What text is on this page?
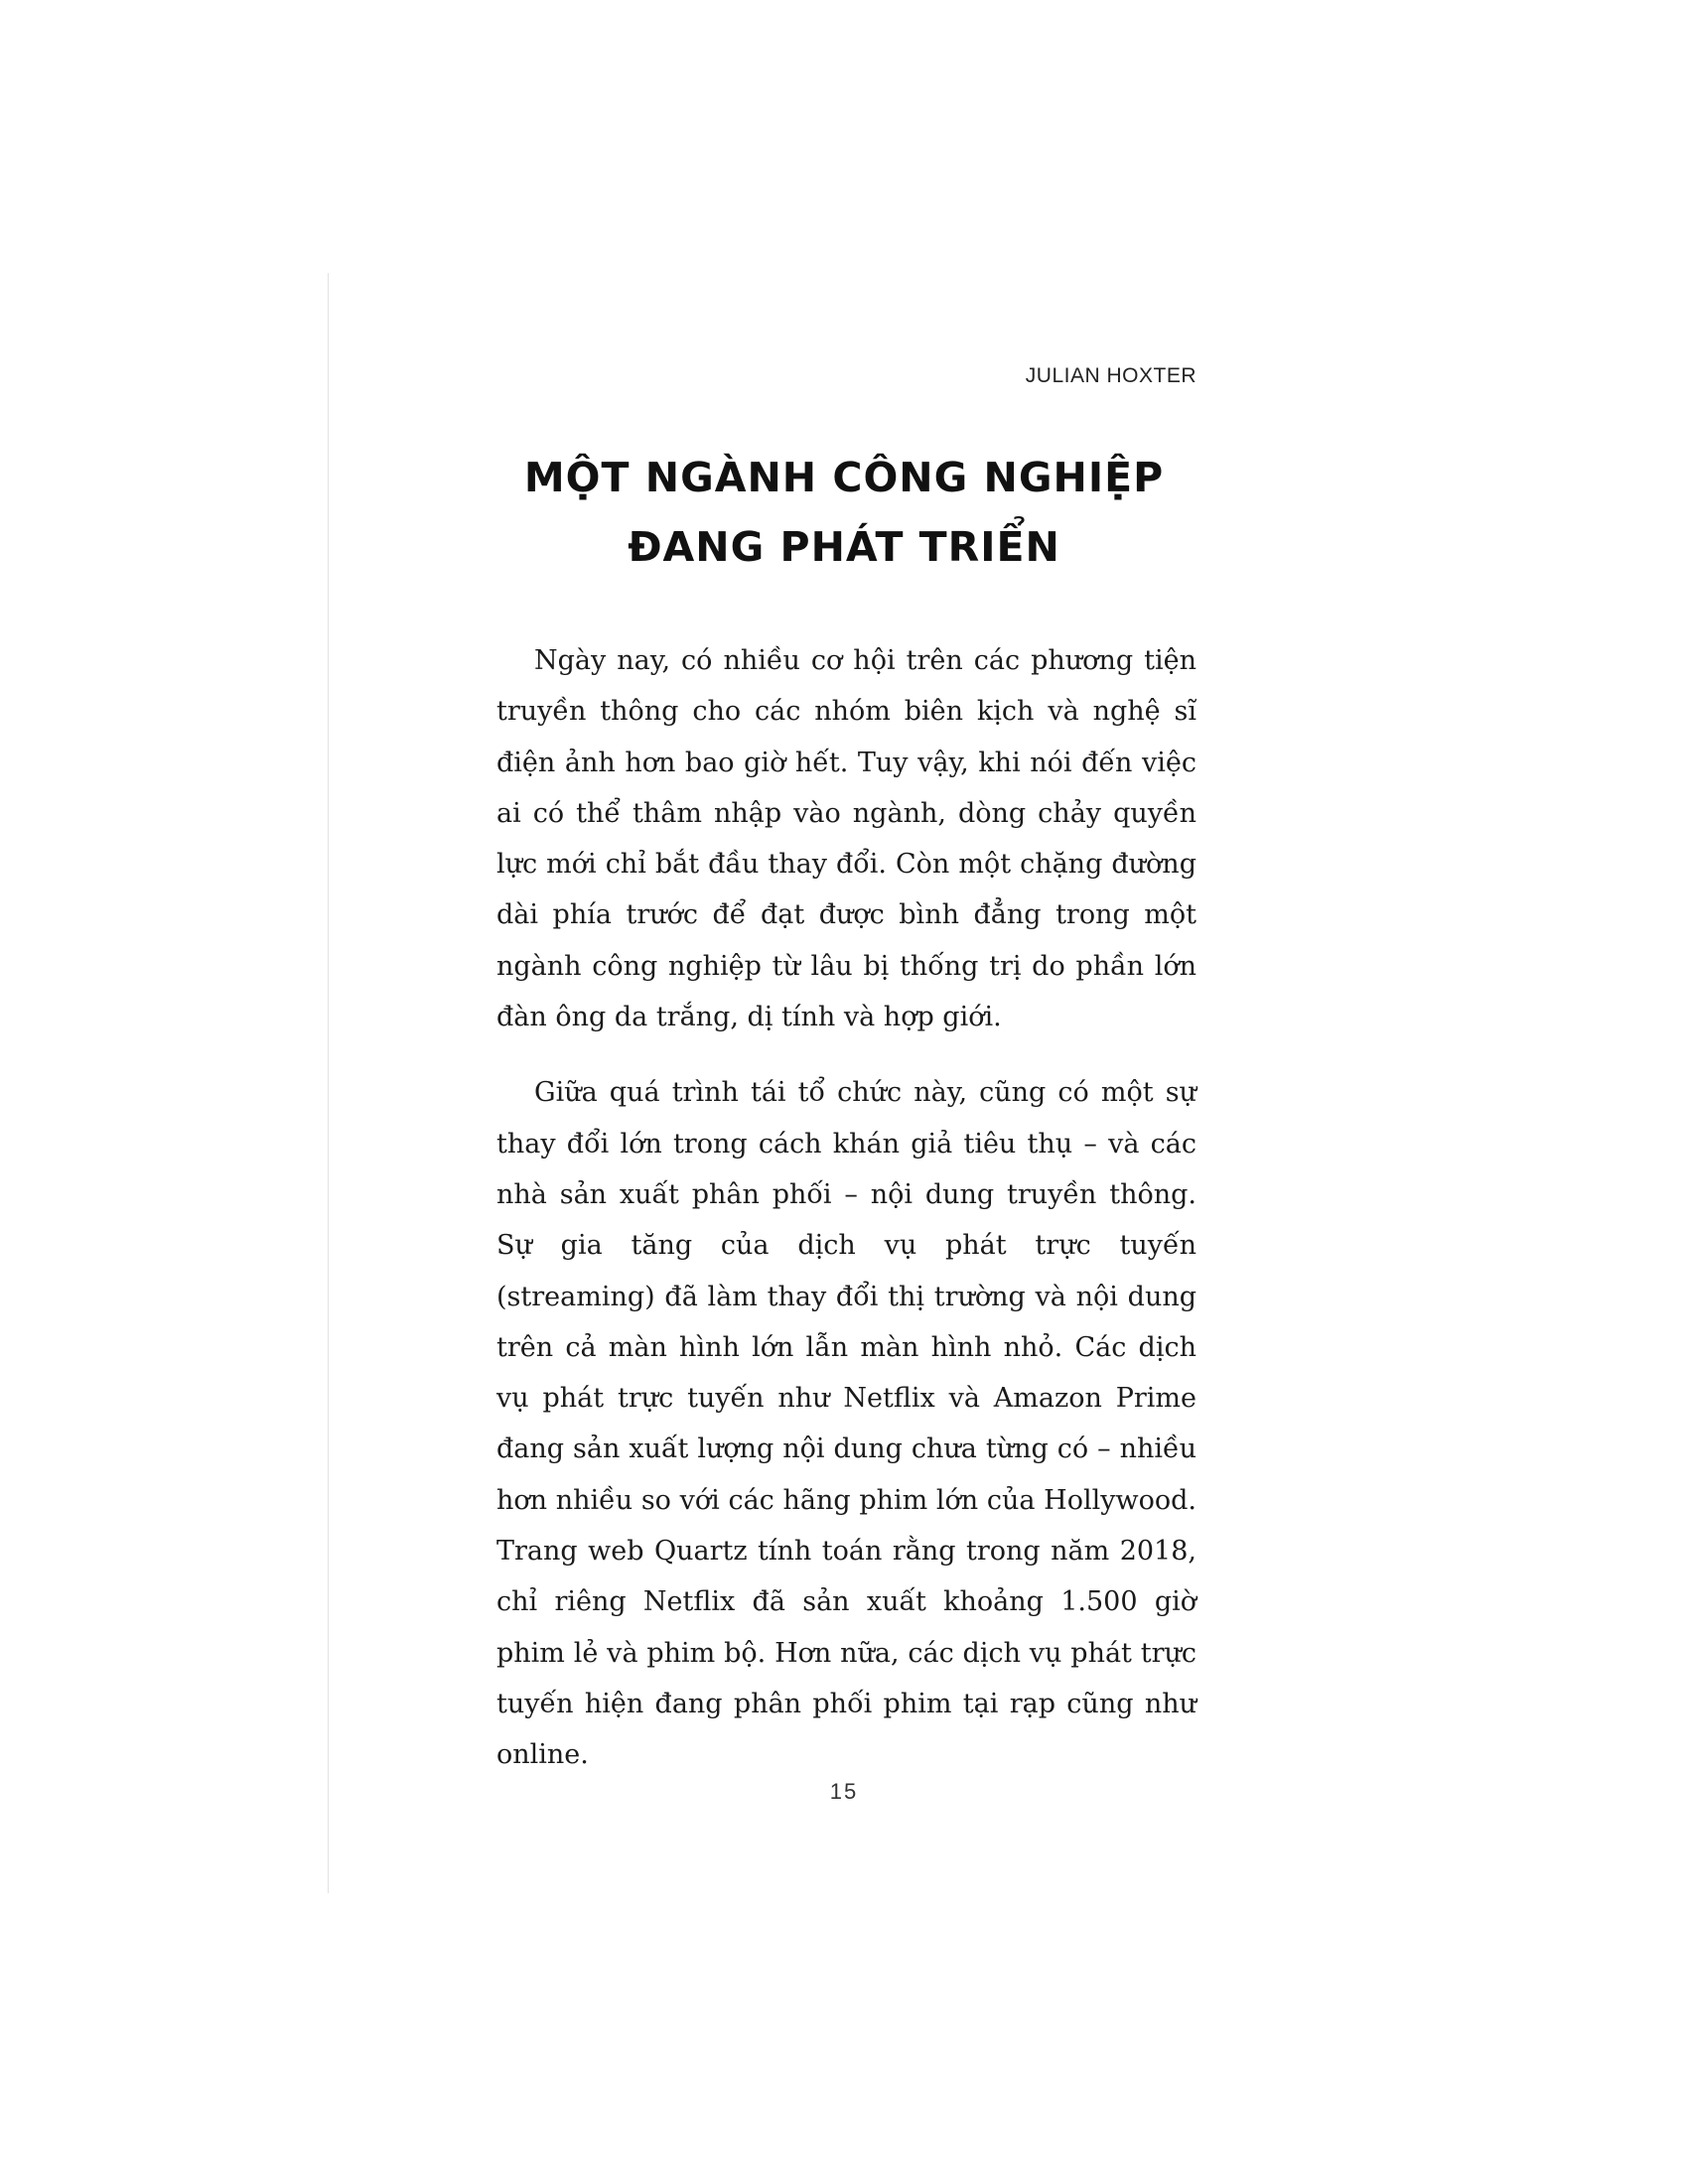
JULIAN HOXTER
MỘT NGÀNH CÔNG NGHIỆP
ĐANG PHÁT TRIỂN

Ngày nay, có nhiều cơ hội trên các phương tiện truyền thông cho các nhóm biên kịch và nghệ sĩ điện ảnh hơn bao giờ hết. Tuy vậy, khi nói đến việc ai có thể thâm nhập vào ngành, dòng chảy quyền lực mới chỉ bắt đầu thay đổi. Còn một chặng đường dài phía trước để đạt được bình đẳng trong một ngành công nghiệp từ lâu bị thống trị do phần lớn đàn ông da trắng, dị tính và hợp giới.

Giữa quá trình tái tổ chức này, cũng có một sự thay đổi lớn trong cách khán giả tiêu thụ – và các nhà sản xuất phân phối – nội dung truyền thông. Sự gia tăng của dịch vụ phát trực tuyến (streaming) đã làm thay đổi thị trường và nội dung trên cả màn hình lớn lẫn màn hình nhỏ. Các dịch vụ phát trực tuyến như Netflix và Amazon Prime đang sản xuất lượng nội dung chưa từng có – nhiều hơn nhiều so với các hãng phim lớn của Hollywood. Trang web Quartz tính toán rằng trong năm 2018, chỉ riêng Netflix đã sản xuất khoảng 1.500 giờ phim lẻ và phim bộ. Hơn nữa, các dịch vụ phát trực tuyến hiện đang phân phối phim tại rạp cũng như online.

15
